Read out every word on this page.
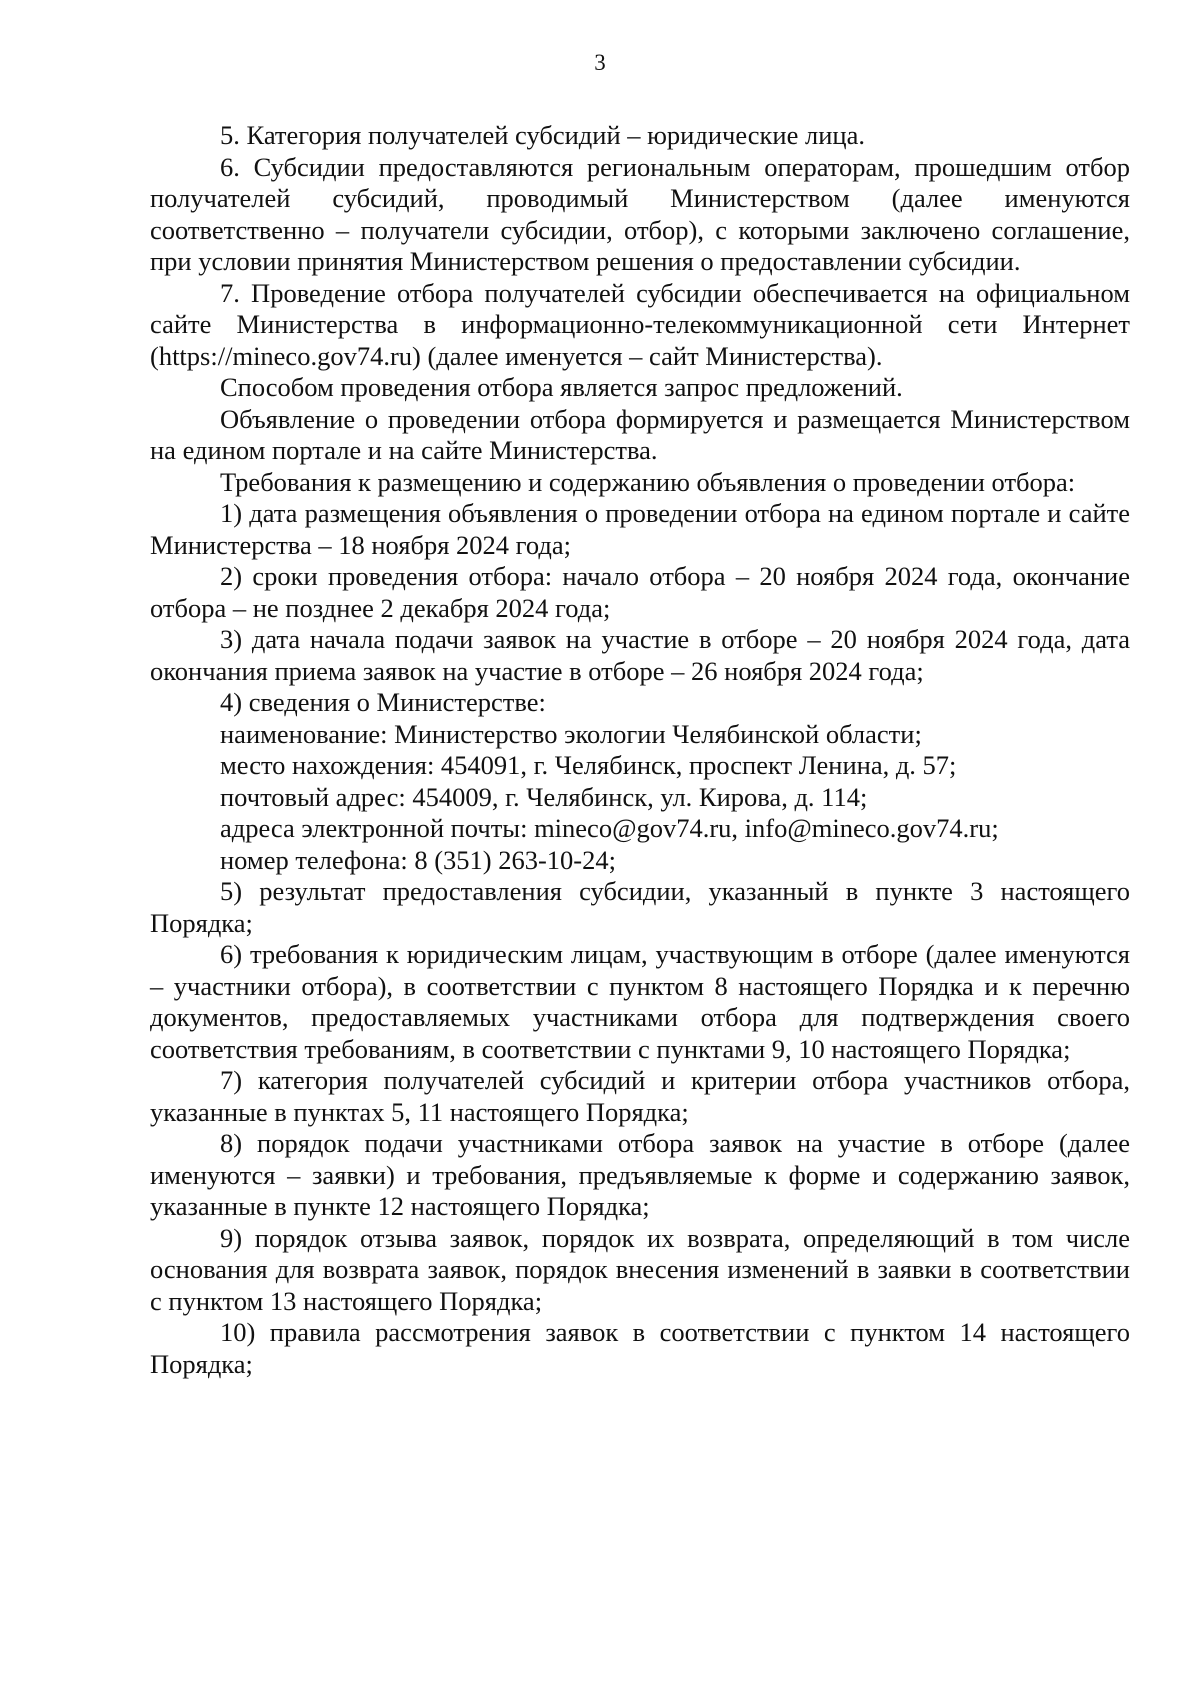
3

5. Категория получателей субсидий – юридические лица.

6. Субсидии предоставляются региональным операторам, прошедшим отбор получателей субсидий, проводимый Министерством (далее именуются соответственно – получатели субсидии, отбор), с которыми заключено соглашение, при условии принятия Министерством решения о предоставлении субсидии.

7. Проведение отбора получателей субсидии обеспечивается на официальном сайте Министерства в информационно-телекоммуникационной сети Интернет (https://mineco.gov74.ru) (далее именуется – сайт Министерства).

Способом проведения отбора является запрос предложений.

Объявление о проведении отбора формируется и размещается Министерством на едином портале и на сайте Министерства.

Требования к размещению и содержанию объявления о проведении отбора:

1) дата размещения объявления о проведении отбора на едином портале и сайте Министерства – 18 ноября 2024 года;

2) сроки проведения отбора: начало отбора – 20 ноября 2024 года, окончание отбора – не позднее 2 декабря 2024 года;

3) дата начала подачи заявок на участие в отборе – 20 ноября 2024 года, дата окончания приема заявок на участие в отборе – 26 ноября 2024 года;

4) сведения о Министерстве:

наименование: Министерство экологии Челябинской области;

место нахождения: 454091, г. Челябинск, проспект Ленина, д. 57;

почтовый адрес: 454009, г. Челябинск, ул. Кирова, д. 114;

адреса электронной почты: mineco@gov74.ru, info@mineco.gov74.ru;

номер телефона: 8 (351) 263-10-24;

5) результат предоставления субсидии, указанный в пункте 3 настоящего Порядка;

6) требования к юридическим лицам, участвующим в отборе (далее именуются – участники отбора), в соответствии с пунктом 8 настоящего Порядка и к перечню документов, предоставляемых участниками отбора для подтверждения своего соответствия требованиям, в соответствии с пунктами 9, 10 настоящего Порядка;

7) категория получателей субсидий и критерии отбора участников отбора, указанные в пунктах 5, 11 настоящего Порядка;

8) порядок подачи участниками отбора заявок на участие в отборе (далее именуются – заявки) и требования, предъявляемые к форме и содержанию заявок, указанные в пункте 12 настоящего Порядка;

9) порядок отзыва заявок, порядок их возврата, определяющий в том числе основания для возврата заявок, порядок внесения изменений в заявки в соответствии с пунктом 13 настоящего Порядка;

10) правила рассмотрения заявок в соответствии с пунктом 14 настоящего Порядка;
